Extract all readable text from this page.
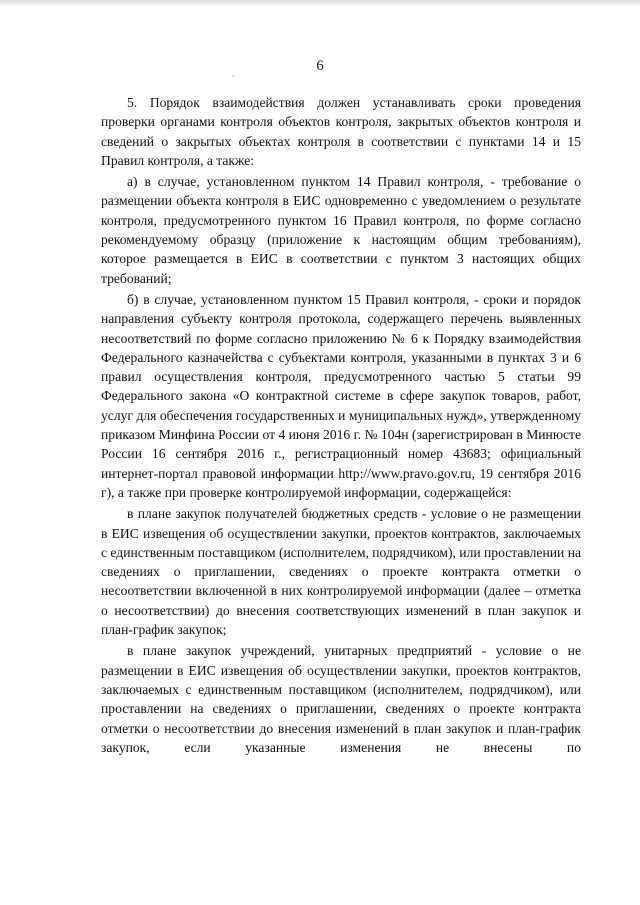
ˇ
6

5. Порядок взаимодействия должен устанавливать сроки проведения проверки органами контроля объектов контроля, закрытых объектов контроля и сведений о закрытых объектах контроля в соответствии с пунктами 14 и 15 Правил контроля, а также:

а) в случае, установленном пунктом 14 Правил контроля, - требование о размещении объекта контроля в ЕИС одновременно с уведомлением о результате контроля, предусмотренного пунктом 16 Правил контроля, по форме согласно рекомендуемому образцу (приложение к настоящим общим требованиям), которое размещается в ЕИС в соответствии с пунктом 3 настоящих общих требований;

б) в случае, установленном пунктом 15 Правил контроля, - сроки и порядок направления субъекту контроля протокола, содержащего перечень выявленных несоответствий по форме согласно приложению № 6 к Порядку взаимодействия Федерального казначейства с субъектами контроля, указанными в пунктах 3 и 6 правил осуществления контроля, предусмотренного частью 5 статьи 99 Федерального закона «О контрактной системе в сфере закупок товаров, работ, услуг для обеспечения государственных и муниципальных нужд», утвержденному приказом Минфина России от 4 июня 2016 г. № 104н (зарегистрирован в Минюсте России 16 сентября 2016 г., регистрационный номер 43683; официальный интернет-портал правовой информации http://www.pravo.gov.ru, 19 сентября 2016 г), а также при проверке контролируемой информации, содержащейся:

в плане закупок получателей бюджетных средств - условие о не размещении в ЕИС извещения об осуществлении закупки, проектов контрактов, заключаемых с единственным поставщиком (исполнителем, подрядчиком), или проставлении на сведениях о приглашении, сведениях о проекте контракта отметки о несоответствии включенной в них контролируемой информации (далее – отметка о несоответствии) до внесения соответствующих изменений в план закупок и план-график закупок;

в плане закупок учреждений, унитарных предприятий - условие о не размещении в ЕИС извещения об осуществлении закупки, проектов контрактов, заключаемых с единственным поставщиком (исполнителем, подрядчиком), или проставлении на сведениях о приглашении, сведениях о проекте контракта отметки о несоответствии до внесения изменений в план закупок и план-график закупок, если указанные изменения не внесены по
